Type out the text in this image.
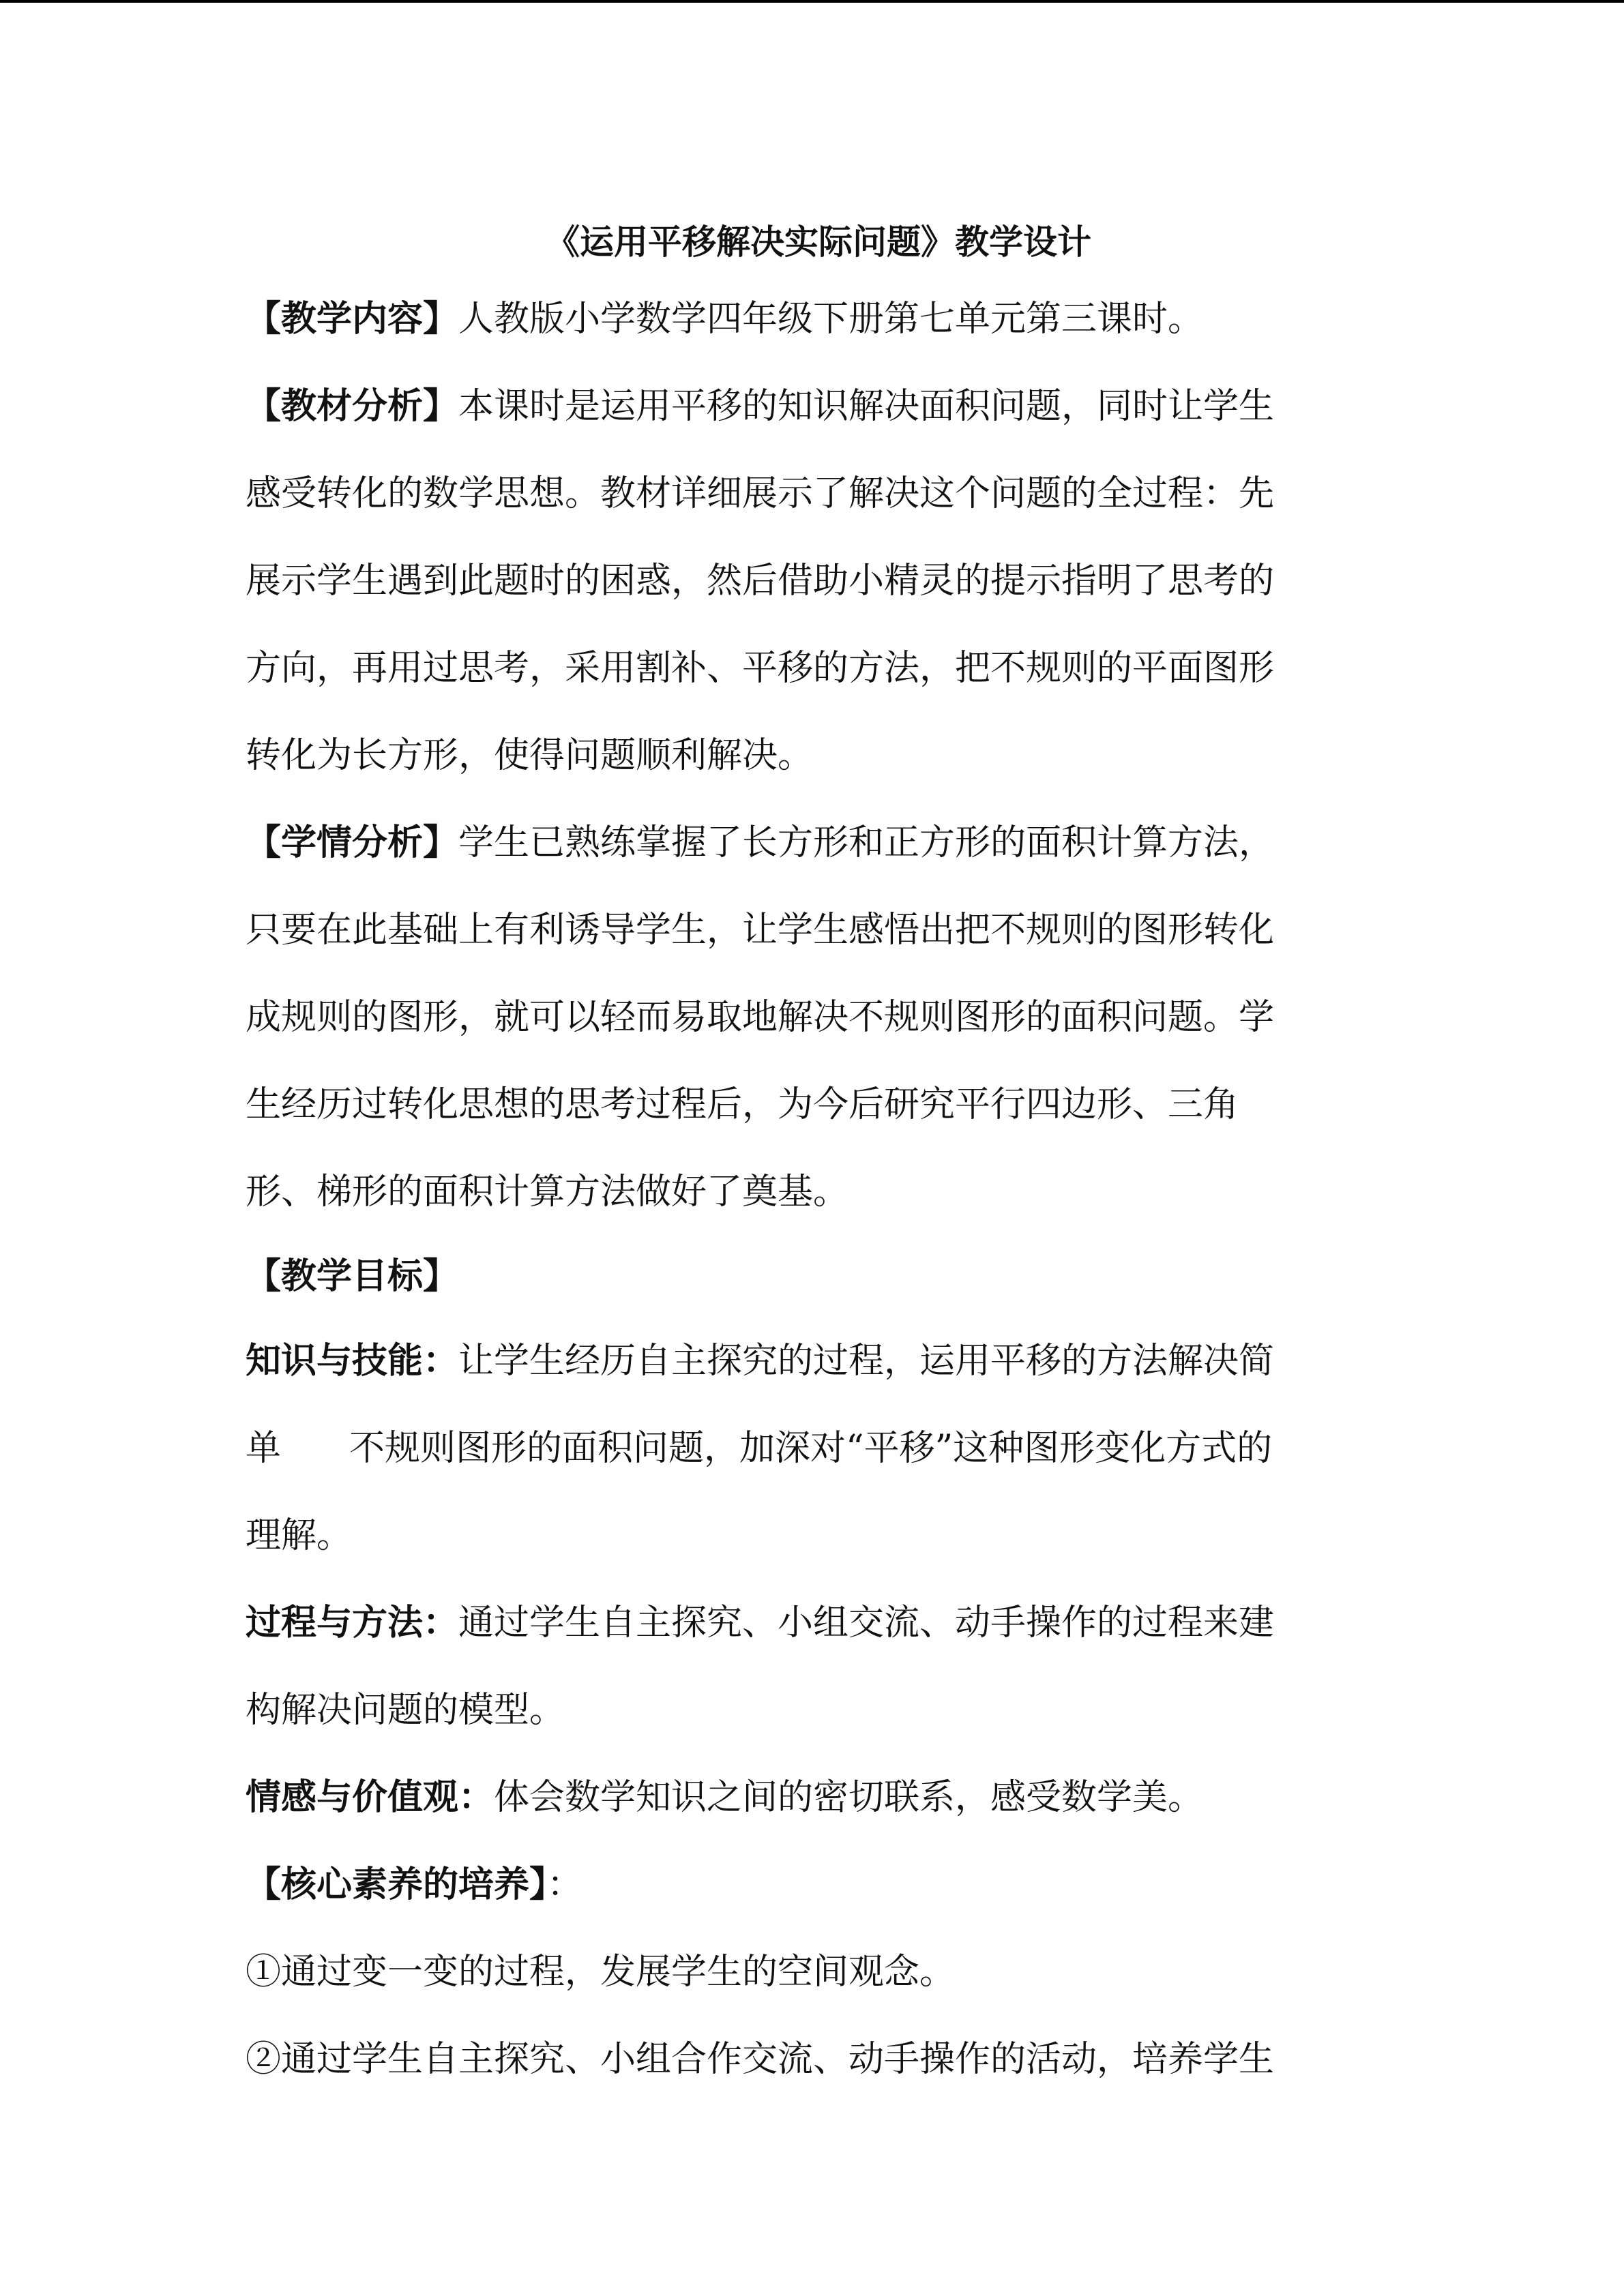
《运用平移解决实际问题》教学设计
【教学内容】人教版小学数学四年级下册第七单元第三课时。
【教材分析】本课时是运用平移的知识解决面积问题，同时让学生
感受转化的数学思想。教材详细展示了解决这个问题的全过程：先
展示学生遇到此题时的困惑，然后借助小精灵的提示指明了思考的
方向，再用过思考，采用割补、平移的方法，把不规则的平面图形
转化为长方形，使得问题顺利解决。
【学情分析】学生已熟练掌握了长方形和正方形的面积计算方法，
只要在此基础上有利诱导学生，让学生感悟出把不规则的图形转化
成规则的图形，就可以轻而易取地解决不规则图形的面积问题。学
生经历过转化思想的思考过程后，为今后研究平行四边形、三角
形、梯形的面积计算方法做好了奠基。
【教学目标】
知识与技能：让学生经历自主探究的过程，运用平移的方法解决简
单 不规则图形的面积问题，加深对“平移”这种图形变化方式的
理解。
过程与方法：通过学生自主探究、小组交流、动手操作的过程来建
构解决问题的模型。
情感与价值观：体会数学知识之间的密切联系，感受数学美。
【核心素养的培养】：
①通过变一变的过程，发展学生的空间观念。
②通过学生自主探究、小组合作交流、动手操作的活动，培养学生
